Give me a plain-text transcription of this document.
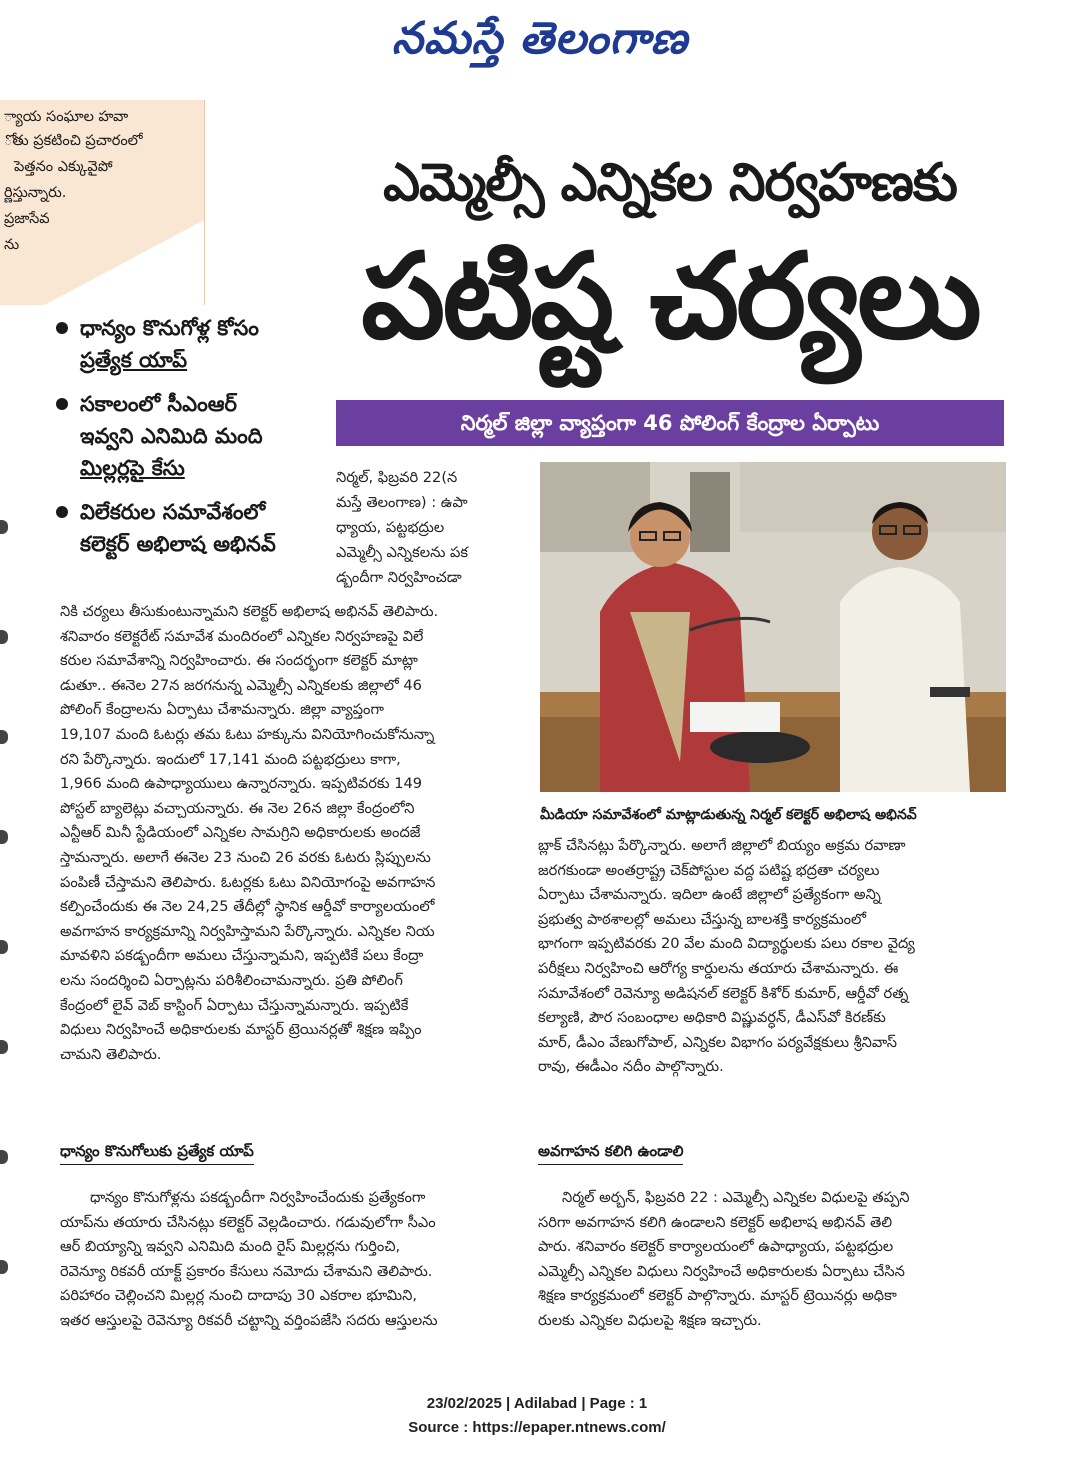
నమస్తే తెలంగాణ
్యాయ సంఘాల హవా
ోతు ప్రకటించి ప్రచారంలో
పెత్తనం ఎక్కువైపో
ర్ణిస్తున్నారు.
ప్రజాసేవ
ను
ఎమ్మెల్సీ ఎన్నికల నిర్వహణకు
పటిష్ట చర్యలు
నిర్మల్ జిల్లా వ్యాప్తంగా 46 పోలింగ్ కేంద్రాల ఏర్పాటు
ధాన్యం కొనుగోళ్ల కోసం
ప్రత్యేక యాప్
సకాలంలో సీఎంఆర్
ఇవ్వని ఎనిమిది మంది
మిల్లర్లపై కేసు
విలేకరుల సమావేశంలో
కలెక్టర్ అభిలాష అభినవ్
మీడియా సమావేశంలో మాట్లాడుతున్న నిర్మల్ కలెక్టర్ అభిలాష అభినవ్
నిర్మల్, ఫిబ్రవరి 22(న
మస్తే తెలంగాణ) : ఉపా
ధ్యాయ, పట్టభద్రుల
ఎమ్మెల్సీ ఎన్నికలను పక
డ్బందీగా నిర్వహించడా
నికి చర్యలు తీసుకుంటున్నామని కలెక్టర్ అభిలాష అభినవ్ తెలిపారు.
శనివారం కలెక్టరేట్ సమావేశ మందిరంలో ఎన్నికల నిర్వహణపై విలే
కరుల సమావేశాన్ని నిర్వహించారు. ఈ సందర్భంగా కలెక్టర్ మాట్లా
డుతూ.. ఈనెల 27న జరగనున్న ఎమ్మెల్సీ ఎన్నికలకు జిల్లాలో 46
పోలింగ్ కేంద్రాలను ఏర్పాటు చేశామన్నారు. జిల్లా వ్యాప్తంగా
19,107 మంది ఓటర్లు తమ ఓటు హక్కును వినియోగించుకోనున్నా
రని పేర్కొన్నారు. ఇందులో 17,141 మంది పట్టభద్రులు కాగా,
1,966 మంది ఉపాధ్యాయులు ఉన్నారన్నారు. ఇప్పటివరకు 149
పోస్టల్ బ్యాలెట్లు వచ్చాయన్నారు. ఈ నెల 26న జిల్లా కేంద్రంలోని
ఎన్టీఆర్ మినీ స్టేడియంలో ఎన్నికల సామగ్రిని అధికారులకు అందజే
స్తామన్నారు. అలాగే ఈనెల 23 నుంచి 26 వరకు ఓటరు స్లిప్పులను
పంపిణీ చేస్తామని తెలిపారు. ఓటర్లకు ఓటు వినియోగంపై అవగాహన
కల్పించేందుకు ఈ నెల 24,25 తేదీల్లో స్థానిక ఆర్డీవో కార్యాలయంలో
అవగాహన కార్యక్రమాన్ని నిర్వహిస్తామని పేర్కొన్నారు. ఎన్నికల నియ
మావళిని పకడ్బందీగా అమలు చేస్తున్నామని, ఇప్పటికే పలు కేంద్రా
లను సందర్శించి ఏర్పాట్లను పరిశీలించామన్నారు. ప్రతి పోలింగ్
కేంద్రంలో లైవ్ వెబ్ కాస్టింగ్ ఏర్పాటు చేస్తున్నామన్నారు. ఇప్పటికే
విధులు నిర్వహించే అధికారులకు మాస్టర్ ట్రెయినర్లతో శిక్షణ ఇప్పిం
చామని తెలిపారు.
ధాన్యం కొనుగోలుకు ప్రత్యేక యాప్
ధాన్యం కొనుగోళ్లను పకడ్బందీగా నిర్వహించేందుకు ప్రత్యేకంగా
యాప్‌ను తయారు చేసినట్లు కలెక్టర్ వెల్లడించారు. గడువులోగా సీఎం
ఆర్ బియ్యాన్ని ఇవ్వని ఎనిమిది మంది రైస్ మిల్లర్లను గుర్తించి,
రెవెన్యూ రికవరీ యాక్ట్ ప్రకారం కేసులు నమోదు చేశామని తెలిపారు.
పరిహారం చెల్లించని మిల్లర్ల నుంచి దాదాపు 30 ఎకరాల భూమిని,
ఇతర ఆస్తులపై రెవెన్యూ రికవరీ చట్టాన్ని వర్తింపజేసి సదరు ఆస్తులను
బ్లాక్ చేసినట్లు పేర్కొన్నారు. అలాగే జిల్లాలో బియ్యం అక్రమ రవాణా
జరగకుండా అంతర్రాష్ట్ర చెక్‌పోస్టుల వద్ద పటిష్ట భద్రతా చర్యలు
ఏర్పాటు చేశామన్నారు. ఇదిలా ఉంటే జిల్లాలో ప్రత్యేకంగా అన్ని
ప్రభుత్వ పాఠశాలల్లో అమలు చేస్తున్న బాలశక్తి కార్యక్రమంలో
భాగంగా ఇప్పటివరకు 20 వేల మంది విద్యార్థులకు పలు రకాల వైద్య
పరీక్షలు నిర్వహించి ఆరోగ్య కార్డులను తయారు చేశామన్నారు. ఈ
సమావేశంలో రెవెన్యూ అడిషనల్ కలెక్టర్ కిశోర్ కుమార్, ఆర్డీవో రత్న
కల్యాణి, పౌర సంబంధాల అధికారి విష్ణువర్ధన్, డీఎస్‌వో కిరణ్‌కు
మార్, డీఎం వేణుగోపాల్, ఎన్నికల విభాగం పర్యవేక్షకులు శ్రీనివాస్
రావు, ఈడీఎం నదీం పాల్గొన్నారు.
అవగాహన కలిగి ఉండాలి
నిర్మల్ అర్బన్, ఫిబ్రవరి 22 : ఎమ్మెల్సీ ఎన్నికల విధులపై తప్పని
సరిగా అవగాహన కలిగి ఉండాలని కలెక్టర్ అభిలాష అభినవ్ తెలి
పారు. శనివారం కలెక్టర్ కార్యాలయంలో ఉపాధ్యాయ, పట్టభద్రుల
ఎమ్మెల్సీ ఎన్నికల విధులు నిర్వహించే అధికారులకు ఏర్పాటు చేసిన
శిక్షణ కార్యక్రమంలో కలెక్టర్ పాల్గొన్నారు. మాస్టర్ ట్రెయినర్లు అధికా
రులకు ఎన్నికల విధులపై శిక్షణ ఇచ్చారు.
23/02/2025 | Adilabad | Page : 1
Source : https://epaper.ntnews.com/
